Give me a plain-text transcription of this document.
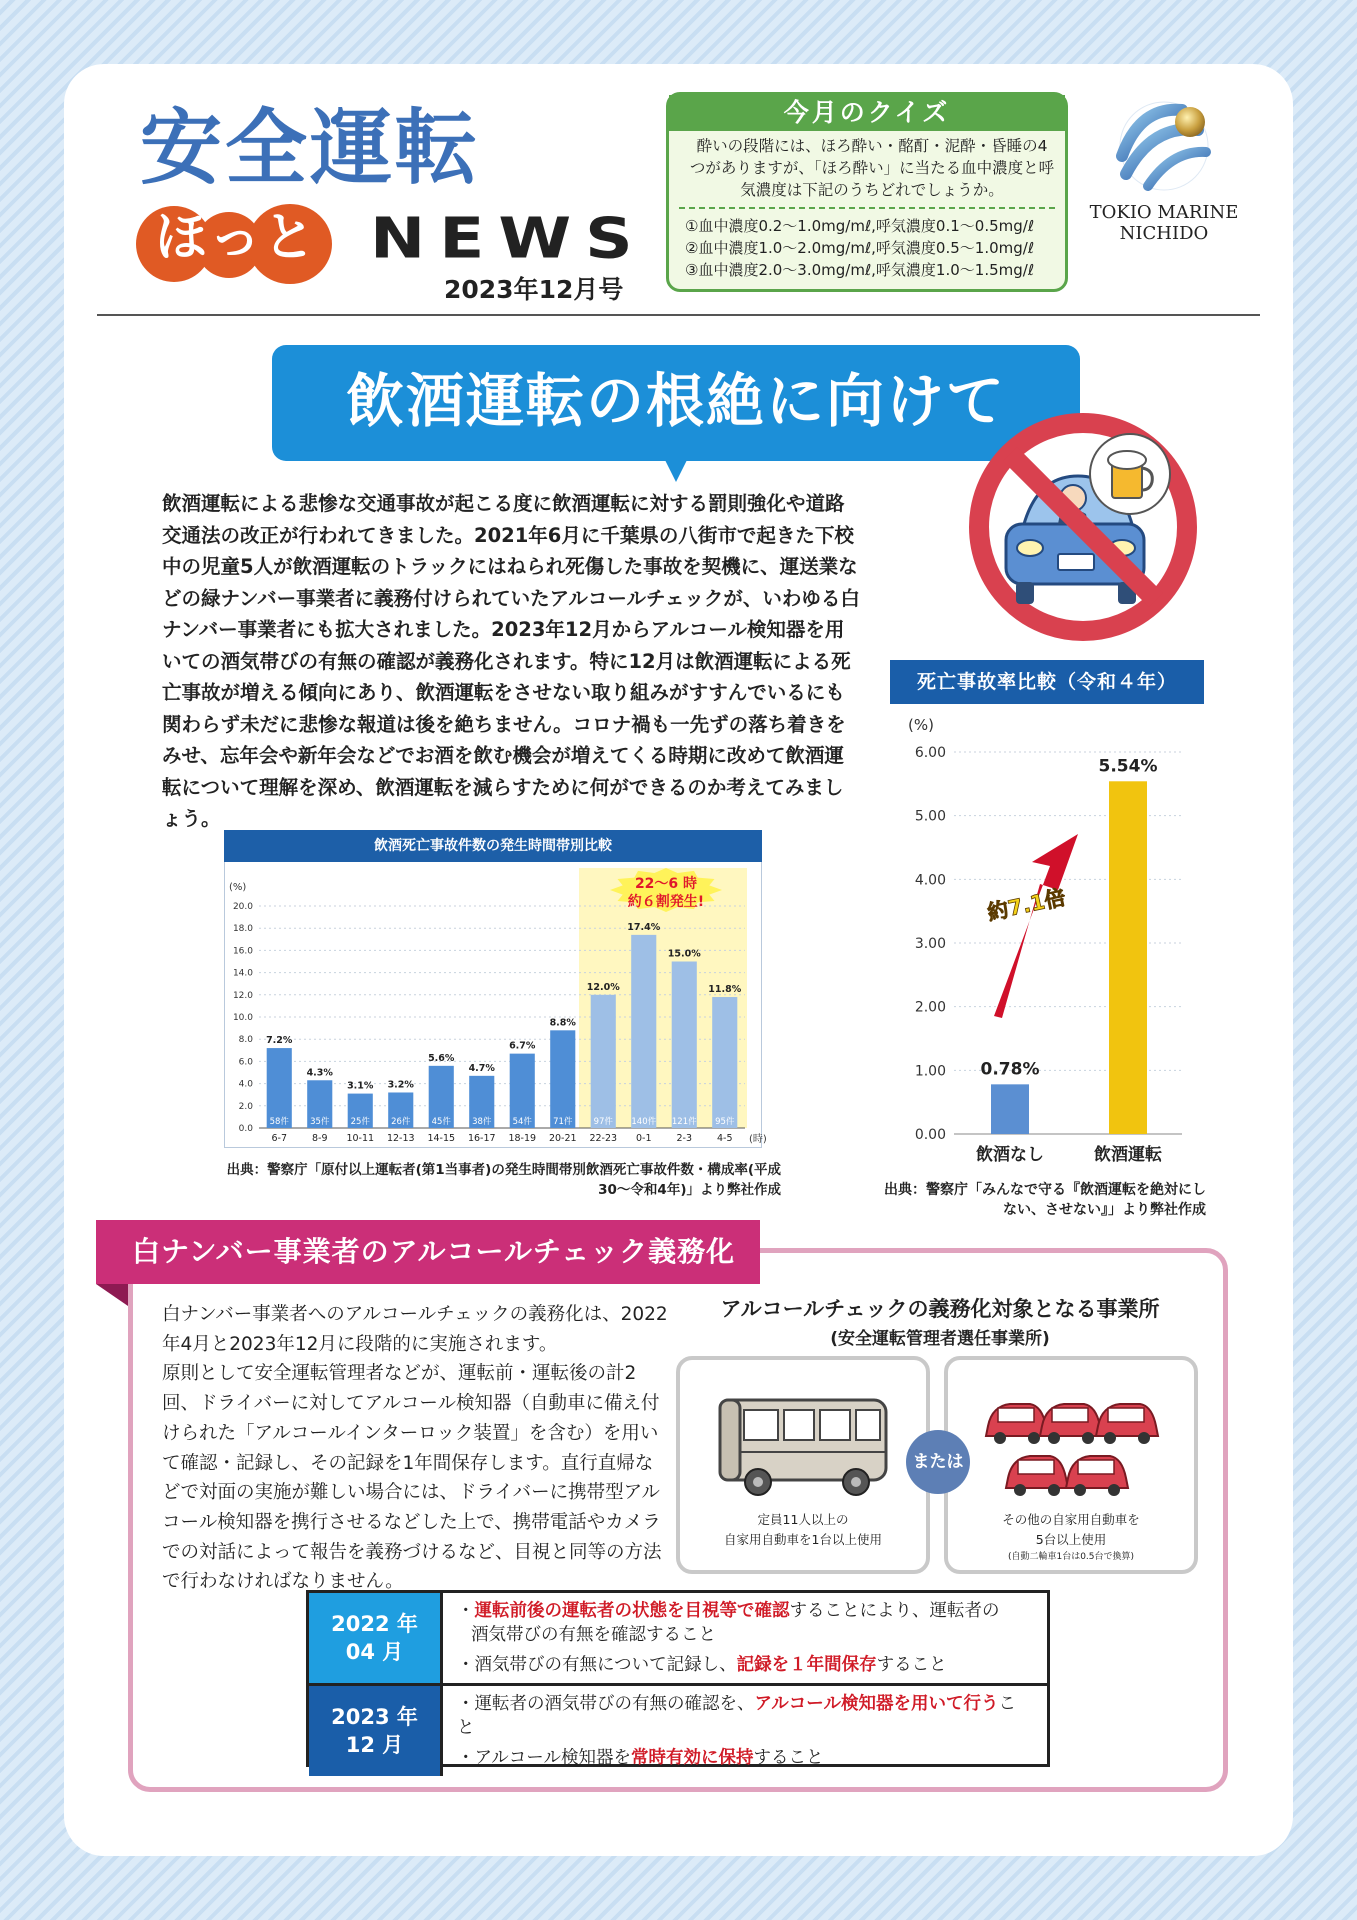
安全運転
ほっと NEWS
2023年12月号
今月のクイズ
酔いの段階には、ほろ酔い・酩酊・泥酔・昏睡の4つがありますが、「ほろ酔い」に当たる血中濃度と呼気濃度は下記のうちどれでしょうか。
①血中濃度0.2〜1.0mg/mℓ,呼気濃度0.1〜0.5mg/ℓ
②血中濃度1.0〜2.0mg/mℓ,呼気濃度0.5〜1.0mg/ℓ
③血中濃度2.0〜3.0mg/mℓ,呼気濃度1.0〜1.5mg/ℓ
TOKIO MARINE
NICHIDO
飲酒運転の根絶に向けて
飲酒運転による悲惨な交通事故が起こる度に飲酒運転に対する罰則強化や道路交通法の改正が行われてきました。2021年6月に千葉県の八街市で起きた下校中の児童5人が飲酒運転のトラックにはねられ死傷した事故を契機に、運送業などの緑ナンバー事業者に義務付けられていたアルコールチェックが、いわゆる白ナンバー事業者にも拡大されました。2023年12月からアルコール検知器を用いての酒気帯びの有無の確認が義務化されます。特に12月は飲酒運転による死亡事故が増える傾向にあり、飲酒運転をさせない取り組みがすすんでいるにも関わらず未だに悲惨な報道は後を絶ちません。コロナ禍も一先ずの落ち着きをみせ、忘年会や新年会などでお酒を飲む機会が増えてくる時期に改めて飲酒運転について理解を深め、飲酒運転を減らすために何ができるのか考えてみましょう。
飲酒死亡事故件数の発生時間帯別比較
0.0
2.0
4.0
6.0
8.0
10.0
12.0
14.0
16.0
18.0
20.0
(%)
(時)
7.2%
58件
6-7
4.3%
35件
8-9
3.1%
25件
10-11
3.2%
26件
12-13
5.6%
45件
14-15
4.7%
38件
16-17
6.7%
54件
18-19
8.8%
71件
20-21
12.0%
97件
22-23
17.4%
140件
0-1
15.0%
121件
2-3
11.8%
95件
4-5
22〜6 時
約６割発生!
出典：警察庁「原付以上運転者(第1当事者)の発生時間帯別飲酒死亡事故件数・構成率(平成30〜令和4年)」より弊社作成
死亡事故率比較（令和４年）
(%)
0.00
1.00
2.00
3.00
4.00
5.00
6.00
0.78%
飲酒なし
5.54%
飲酒運転
約7.1倍
出典：警察庁「みんなで守る『飲酒運転を絶対にしない、させない』」より弊社作成
白ナンバー事業者のアルコールチェック義務化
白ナンバー事業者へのアルコールチェックの義務化は、2022年4月と2023年12月に段階的に実施されます。
原則として安全運転管理者などが、運転前・運転後の計2回、ドライバーに対してアルコール検知器（自動車に備え付けられた「アルコールインターロック装置」を含む）を用いて確認・記録し、その記録を1年間保存します。直行直帰などで対面の実施が難しい場合には、ドライバーに携帯型アルコール検知器を携行させるなどした上で、携帯電話やカメラでの対話によって報告を義務づけるなど、目視と同等の方法で行わなければなりません。
アルコールチェックの義務化対象となる事業所
(安全運転管理者選任事業所)
定員11人以上の
自家用自動車を1台以上使用
その他の自家用自動車を
5台以上使用
(自動二輪車1台は0.5台で換算)
または
2022 年
04 月
・運転前後の運転者の状態を目視等で確認することにより、運転者の
酒気帯びの有無を確認すること
・酒気帯びの有無について記録し、記録を１年間保存すること
2023 年
12 月
・運転者の酒気帯びの有無の確認を、アルコール検知器を用いて行うこと
・アルコール検知器を常時有効に保持すること
